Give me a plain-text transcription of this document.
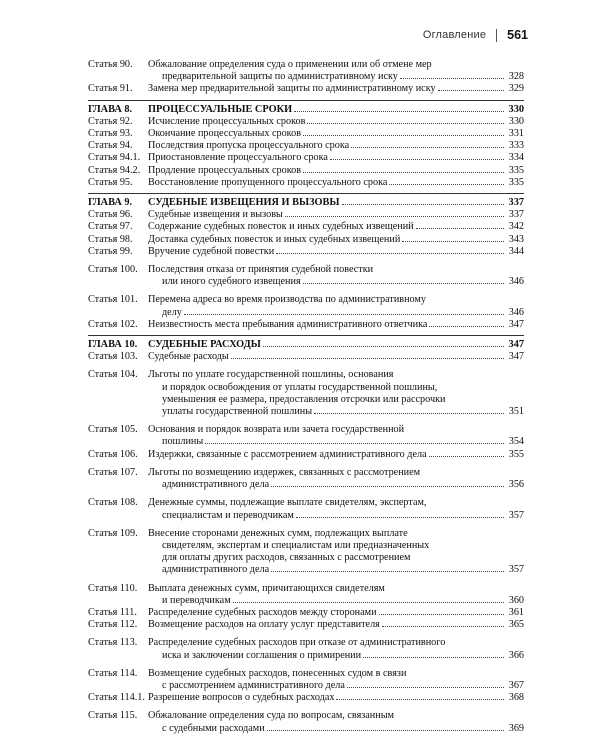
Оглавление 561
Статья 90.	Обжалование определения суда о применении или об отмене мер
предварительной защиты по административному иску	328
Статья 91.	Замена мер предварительной защиты по административному иску	329
ГЛАВА 8.	ПРОЦЕССУАЛЬНЫЕ СРОКИ	330
Статья 92.	Исчисление процессуальных сроков	330
Статья 93.	Окончание процессуальных сроков	331
Статья 94.	Последствия пропуска процессуального срока	333
Статья 94.1. Приостановление процессуального срока	334
Статья 94.2. Продление процессуальных сроков	335
Статья 95.	Восстановление пропущенного процессуального срока	335
ГЛАВА 9.	СУДЕБНЫЕ ИЗВЕЩЕНИЯ И ВЫЗОВЫ	337
Статья 96.	Судебные извещения и вызовы	337
Статья 97.	Содержание судебных повесток и иных судебных извещений	342
Статья 98.	Доставка судебных повесток и иных судебных извещений	343
Статья 99.	Вручение судебной повестки	344
Статья 100.	Последствия отказа от принятия судебной повестки
или иного судебного извещения	346
Статья 101.	Перемена адреса во время производства по административному
делу	346
Статья 102.	Неизвестность места пребывания административного ответчика	347
ГЛАВА 10.	СУДЕБНЫЕ РАСХОДЫ	347
Статья 103.	Судебные расходы	347
Статья 104.	Льготы по уплате государственной пошлины, основания
и порядок освобождения от уплаты государственной пошлины,
уменьшения ее размера, предоставления отсрочки или рассрочки
уплаты государственной пошлины	351
Статья 105.	Основания и порядок возврата или зачета государственной
пошлины	354
Статья 106.	Издержки, связанные с рассмотрением административного дела	355
Статья 107.	Льготы по возмещению издержек, связанных с рассмотрением
административного дела	356
Статья 108.	Денежные суммы, подлежащие выплате свидетелям, экспертам,
специалистам и переводчикам	357
Статья 109.	Внесение сторонами денежных сумм, подлежащих выплате
свидетелям, экспертам и специалистам или предназначенных
для оплаты других расходов, связанных с рассмотрением
административного дела	357
Статья 110.	Выплата денежных сумм, причитающихся свидетелям
и переводчикам	360
Статья 111.	Распределение судебных расходов между сторонами	361
Статья 112.	Возмещение расходов на оплату услуг представителя	365
Статья 113.	Распределение судебных расходов при отказе от административного
иска и заключении соглашения о примирении	366
Статья 114.	Возмещение судебных расходов, понесенных судом в связи
с рассмотрением административного дела	367
Статья 114.1. Разрешение вопросов о судебных расходах	368
Статья 115.	Обжалование определения суда по вопросам, связанным
с судебными расходами	369
